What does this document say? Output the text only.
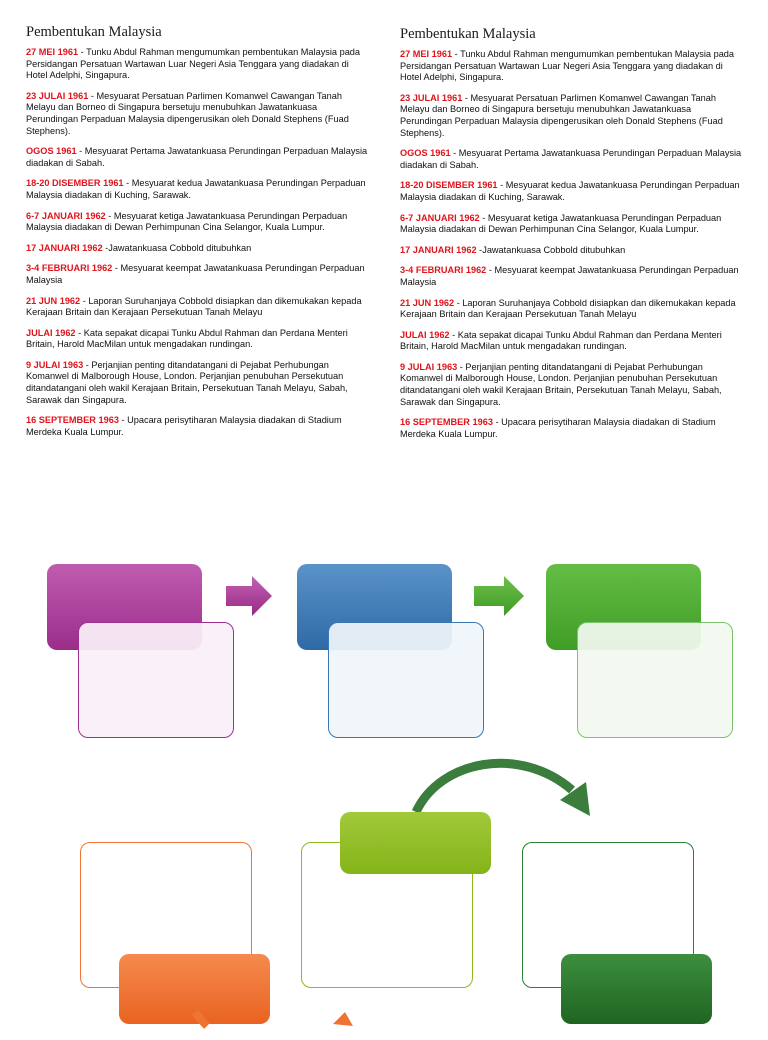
Pembentukan Malaysia

27 MEI 1961 - Tunku Abdul Rahman mengumumkan pembentukan Malaysia pada Persidangan Persatuan Wartawan Luar Negeri Asia Tenggara yang diadakan di Hotel Adelphi, Singapura.

23 JULAI 1961 - Mesyuarat Persatuan Parlimen Komanwel Cawangan Tanah Melayu dan Borneo di Singapura bersetuju menubuhkan Jawatankuasa Perundingan Perpaduan Malaysia dipengerusikan oleh Donald Stephens (Fuad Stephens).

OGOS 1961 - Mesyuarat Pertama Jawatankuasa Perundingan Perpaduan Malaysia diadakan di Sabah.

18-20 DISEMBER 1961 - Mesyuarat kedua Jawatankuasa Perundingan Perpaduan Malaysia diadakan di Kuching, Sarawak.

6-7 JANUARI 1962 - Mesyuarat ketiga Jawatankuasa Perundingan Perpaduan Malaysia diadakan di Dewan Perhimpunan Cina Selangor, Kuala Lumpur.

17 JANUARI 1962 -Jawatankuasa Cobbold ditubuhkan

3-4 FEBRUARI 1962 - Mesyuarat keempat Jawatankuasa Perundingan Perpaduan Malaysia

21 JUN 1962 - Laporan Suruhanjaya Cobbold disiapkan dan dikemukakan kepada Kerajaan Britain dan Kerajaan Persekutuan Tanah Melayu

JULAI 1962 - Kata sepakat dicapai Tunku Abdul Rahman dan Perdana Menteri Britain, Harold MacMilan untuk mengadakan rundingan.

9 JULAI 1963 - Perjanjian penting ditandatangani di Pejabat Perhubungan Komanwel di Malborough House, London. Perjanjian penubuhan Persekutuan ditandatangani oleh wakil Kerajaan Britain, Persekutuan Tanah Melayu, Sabah, Sarawak dan Singapura.

16 SEPTEMBER 1963 - Upacara perisytiharan Malaysia diadakan di Stadium Merdeka Kuala Lumpur.

Pembentukan Malaysia

27 MEI 1961 - Tunku Abdul Rahman mengumumkan pembentukan Malaysia pada Persidangan Persatuan Wartawan Luar Negeri Asia Tenggara yang diadakan di Hotel Adelphi, Singapura.

23 JULAI 1961 - Mesyuarat Persatuan Parlimen Komanwel Cawangan Tanah Melayu dan Borneo di Singapura bersetuju menubuhkan Jawatankuasa Perundingan Perpaduan Malaysia dipengerusikan oleh Donald Stephens (Fuad Stephens).

OGOS 1961 - Mesyuarat Pertama Jawatankuasa Perundingan Perpaduan Malaysia diadakan di Sabah.

18-20 DISEMBER 1961 - Mesyuarat kedua Jawatankuasa Perundingan Perpaduan Malaysia diadakan di Kuching, Sarawak.

6-7 JANUARI 1962 - Mesyuarat ketiga Jawatankuasa Perundingan Perpaduan Malaysia diadakan di Dewan Perhimpunan Cina Selangor, Kuala Lumpur.

17 JANUARI 1962 -Jawatankuasa Cobbold ditubuhkan

3-4 FEBRUARI 1962 - Mesyuarat keempat Jawatankuasa Perundingan Perpaduan Malaysia

21 JUN 1962 - Laporan Suruhanjaya Cobbold disiapkan dan dikemukakan kepada Kerajaan Britain dan Kerajaan Persekutuan Tanah Melayu

JULAI 1962 - Kata sepakat dicapai Tunku Abdul Rahman dan Perdana Menteri Britain, Harold MacMilan untuk mengadakan rundingan.

9 JULAI 1963 - Perjanjian penting ditandatangani di Pejabat Perhubungan Komanwel di Malborough House, London. Perjanjian penubuhan Persekutuan ditandatangani oleh wakil Kerajaan Britain, Persekutuan Tanah Melayu, Sabah, Sarawak dan Singapura.

16 SEPTEMBER 1963 - Upacara perisytiharan Malaysia diadakan di Stadium Merdeka Kuala Lumpur.
